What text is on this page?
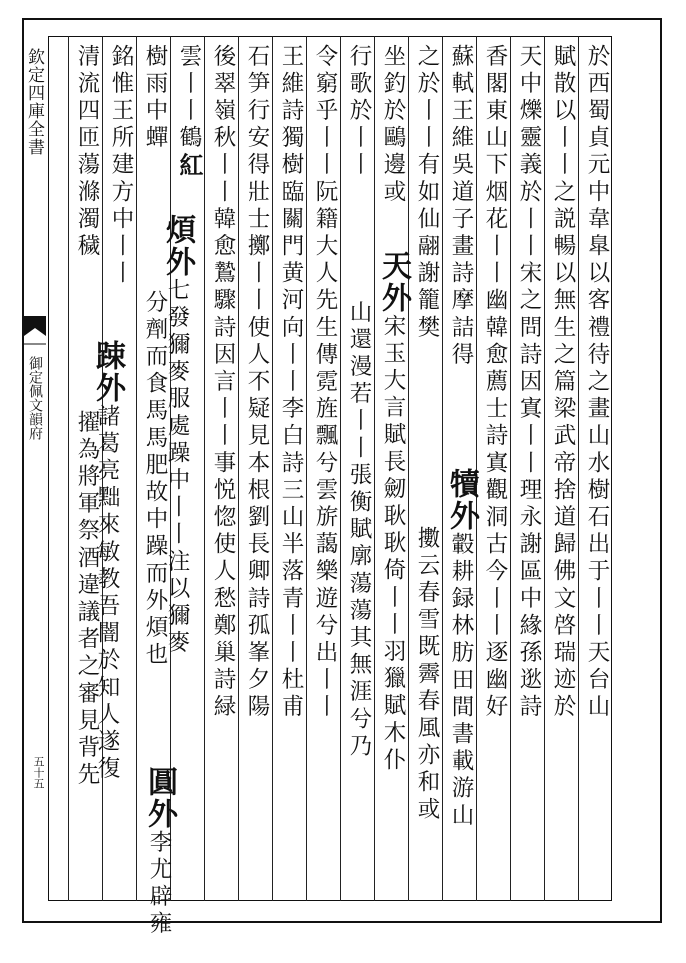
欽定四庫全書
御定佩文韻府
五十五
於西蜀貞元中韋臯以客禮待之畫山水樹石出于丨丨天台山
賦散以丨丨之説暢以無生之篇梁武帝捨道歸佛文啓瑞迹於
天中爍靈義於丨丨宋之問詩因寘丨丨理永謝區中緣孫逖詩
香閣東山下烟花丨丨幽韓愈薦士詩寘觀洞古今丨丨逐幽好
蘇軾王維吳道子畫詩摩詰得
之於丨丨有如仙翮謝籠樊
坐釣於鷗邊或
行歌於丨丨
犢外轂耕録林肪田間書載游山
擻云春雪既霽春風亦和或
天外宋玉大言賦長劒耿耿倚丨丨羽獵賦木仆
山還漫若丨丨張衡賦廓蕩蕩其無涯兮乃
令窮乎丨丨阮籍大人先生傳霓旌飄兮雲旂藹樂遊兮出丨丨
王維詩獨樹臨關門黄河向丨丨李白詩三山半落青丨丨杜甫
石笋行安得壯士擲丨丨使人不疑見本根劉長卿詩孤峯夕陽
後翠嶺秋丨丨韓愈鷙驟詩因言丨丨事悦惚使人愁鄭巢詩緑
雲丨丨鶴紅
樹雨中蟬
煩外七發獮麥服處躁中丨丨注以獮麥
分劑而食馬馬肥故中躁而外煩也
圓外李尤辟雍
銘惟王所建方中丨丨
清流四匝蕩滌濁穢
踈外諸葛亮黜來敏教吾闇於知人遂復
擢為將軍祭酒違議者之審見背先
